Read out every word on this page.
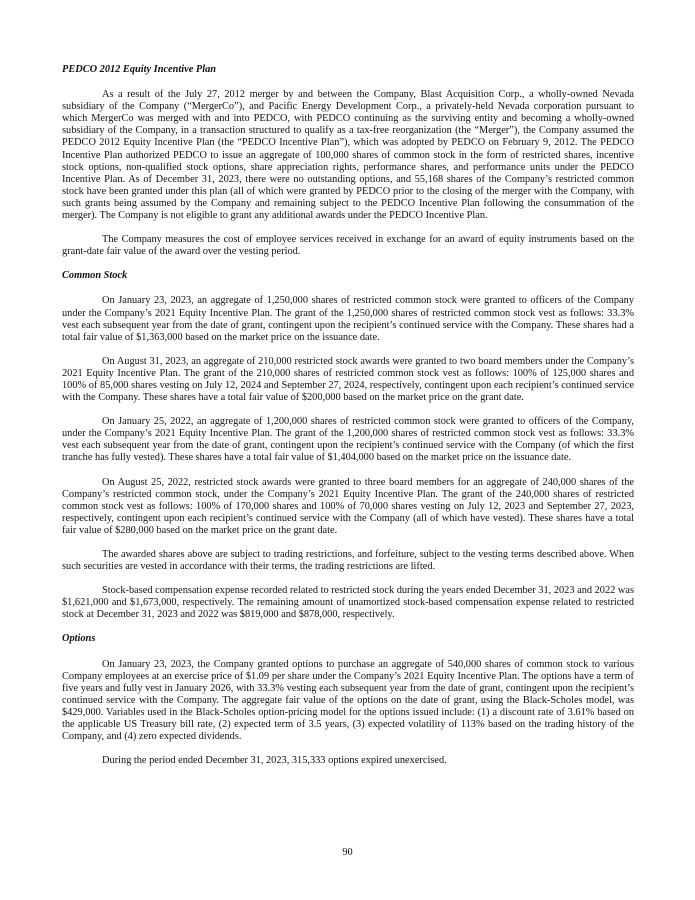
PEDCO 2012 Equity Incentive Plan

As a result of the July 27, 2012 merger by and between the Company, Blast Acquisition Corp., a wholly-owned Nevada subsidiary of the Company (“MergerCo”), and Pacific Energy Development Corp., a privately-held Nevada corporation pursuant to which MergerCo was merged with and into PEDCO, with PEDCO continuing as the surviving entity and becoming a wholly-owned subsidiary of the Company, in a transaction structured to qualify as a tax-free reorganization (the “Merger”), the Company assumed the PEDCO 2012 Equity Incentive Plan (the “PEDCO Incentive Plan”), which was adopted by PEDCO on February 9, 2012. The PEDCO Incentive Plan authorized PEDCO to issue an aggregate of 100,000 shares of common stock in the form of restricted shares, incentive stock options, non-qualified stock options, share appreciation rights, performance shares, and performance units under the PEDCO Incentive Plan. As of December 31, 2023, there were no outstanding options, and 55,168 shares of the Company’s restricted common stock have been granted under this plan (all of which were granted by PEDCO prior to the closing of the merger with the Company, with such grants being assumed by the Company and remaining subject to the PEDCO Incentive Plan following the consummation of the merger). The Company is not eligible to grant any additional awards under the PEDCO Incentive Plan.

The Company measures the cost of employee services received in exchange for an award of equity instruments based on the grant-date fair value of the award over the vesting period.

Common Stock

On January 23, 2023, an aggregate of 1,250,000 shares of restricted common stock were granted to officers of the Company under the Company’s 2021 Equity Incentive Plan. The grant of the 1,250,000 shares of restricted common stock vest as follows: 33.3% vest each subsequent year from the date of grant, contingent upon the recipient’s continued service with the Company. These shares had a total fair value of $1,363,000 based on the market price on the issuance date.

On August 31, 2023, an aggregate of 210,000 restricted stock awards were granted to two board members under the Company’s 2021 Equity Incentive Plan. The grant of the 210,000 shares of restricted common stock vest as follows: 100% of 125,000 shares and 100% of 85,000 shares vesting on July 12, 2024 and September 27, 2024, respectively, contingent upon each recipient’s continued service with the Company. These shares have a total fair value of $200,000 based on the market price on the grant date.

On January 25, 2022, an aggregate of 1,200,000 shares of restricted common stock were granted to officers of the Company, under the Company’s 2021 Equity Incentive Plan. The grant of the 1,200,000 shares of restricted common stock vest as follows: 33.3% vest each subsequent year from the date of grant, contingent upon the recipient’s continued service with the Company (of which the first tranche has fully vested). These shares have a total fair value of $1,404,000 based on the market price on the issuance date.

On August 25, 2022, restricted stock awards were granted to three board members for an aggregate of 240,000 shares of the Company’s restricted common stock, under the Company’s 2021 Equity Incentive Plan. The grant of the 240,000 shares of restricted common stock vest as follows: 100% of 170,000 shares and 100% of 70,000 shares vesting on July 12, 2023 and September 27, 2023, respectively, contingent upon each recipient’s continued service with the Company (all of which have vested). These shares have a total fair value of $280,000 based on the market price on the grant date.

The awarded shares above are subject to trading restrictions, and forfeiture, subject to the vesting terms described above. When such securities are vested in accordance with their terms, the trading restrictions are lifted.

Stock-based compensation expense recorded related to restricted stock during the years ended December 31, 2023 and 2022 was $1,621,000 and $1,673,000, respectively. The remaining amount of unamortized stock-based compensation expense related to restricted stock at December 31, 2023 and 2022 was $819,000 and $878,000, respectively.

Options

On January 23, 2023, the Company granted options to purchase an aggregate of 540,000 shares of common stock to various Company employees at an exercise price of $1.09 per share under the Company’s 2021 Equity Incentive Plan. The options have a term of five years and fully vest in January 2026, with 33.3% vesting each subsequent year from the date of grant, contingent upon the recipient’s continued service with the Company. The aggregate fair value of the options on the date of grant, using the Black-Scholes model, was $429,000. Variables used in the Black-Scholes option-pricing model for the options issued include: (1) a discount rate of 3.61% based on the applicable US Treasury bill rate, (2) expected term of 3.5 years, (3) expected volatility of 113% based on the trading history of the Company, and (4) zero expected dividends.

During the period ended December 31, 2023, 315,333 options expired unexercised.

90
